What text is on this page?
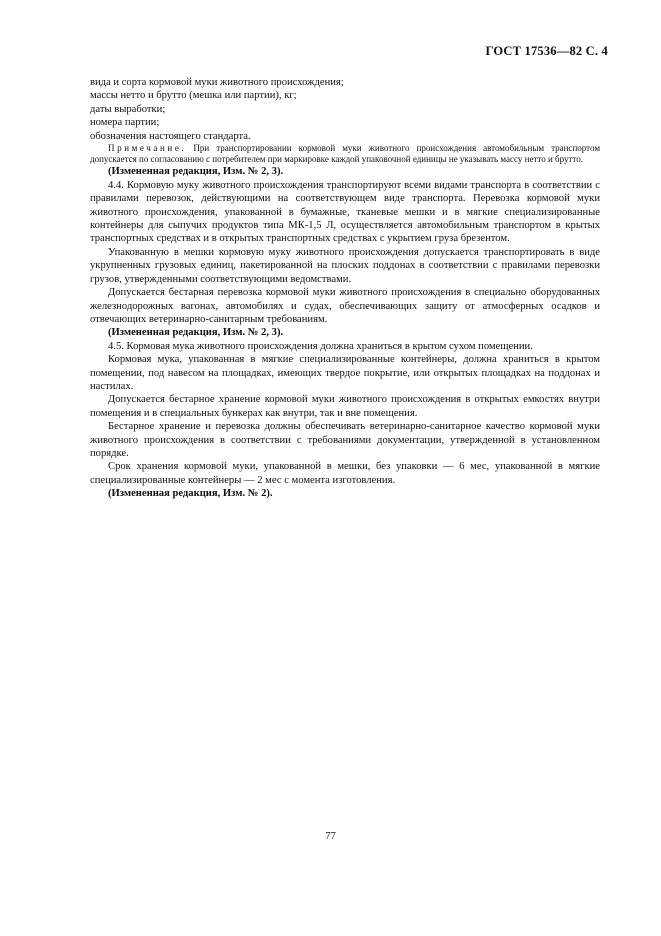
ГОСТ 17536—82 С. 4

вида и сорта кормовой муки животного происхождения;

массы нетто и брутто (мешка или партии), кг;

даты выработки;

номера партии;

обозначения настоящего стандарта.

Примечание. При транспортировании кормовой муки животного происхождения автомобильным транспортом допускается по согласованию с потребителем при маркировке каждой упаковочной единицы не указывать массу нетто и брутто.

(Измененная редакция, Изм. № 2, 3).

4.4. Кормовую муку животного происхождения транспортируют всеми видами транспорта в соответствии с правилами перевозок, действующими на соответствующем виде транспорта. Перевозка кормовой муки животного происхождения, упакованной в бумажные, тканевые мешки и в мягкие специализированные контейнеры для сыпучих продуктов типа МК-1,5 Л, осуществляется автомобильным транспортом в крытых транспортных средствах и в открытых транспортных средствах с укрытием груза брезентом.

Упакованную в мешки кормовую муку животного происхождения допускается транспортировать в виде укрупненных грузовых единиц, пакетированной на плоских поддонах в соответствии с правилами перевозки грузов, утвержденными соответствующими ведомствами.

Допускается бестарная перевозка кормовой муки животного происхождения в специально оборудованных железнодорожных вагонах, автомобилях и судах, обеспечивающих защиту от атмосферных осадков и отвечающих ветеринарно-санитарным требованиям.

(Измененная редакция, Изм. № 2, 3).

4.5. Кормовая мука животного происхождения должна храниться в крытом сухом помещении.

Кормовая мука, упакованная в мягкие специализированные контейнеры, должна храниться в крытом помещении, под навесом на площадках, имеющих твердое покрытие, или открытых площадках на поддонах и настилах.

Допускается бестарное хранение кормовой муки животного происхождения в открытых емкостях внутри помещения и в специальных бункерах как внутри, так и вне помещения.

Бестарное хранение и перевозка должны обеспечивать ветеринарно-санитарное качество кормовой муки животного происхождения в соответствии с требованиями документации, утвержденной в установленном порядке.

Срок хранения кормовой муки, упакованной в мешки, без упаковки — 6 мес, упакованной в мягкие специализированные контейнеры — 2 мес с момента изготовления.

(Измененная редакция, Изм. № 2).

77
